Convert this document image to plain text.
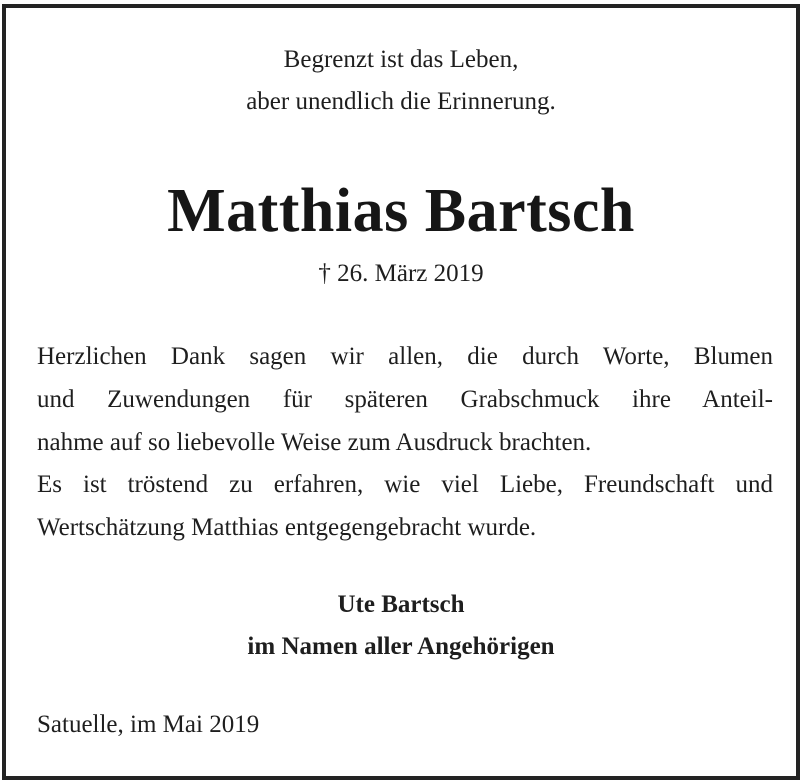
Begrenzt ist das Leben,
aber unendlich die Erinnerung.
Matthias Bartsch
† 26. März 2019
Herzlichen Dank sagen wir allen, die durch Worte, Blumen
und Zuwendungen für späteren Grabschmuck ihre Anteil-
nahme auf so liebevolle Weise zum Ausdruck brachten.
Es ist tröstend zu erfahren, wie viel Liebe, Freundschaft und
Wertschätzung Matthias entgegengebracht wurde.
Ute Bartsch
im Namen aller Angehörigen
Satuelle, im Mai 2019
